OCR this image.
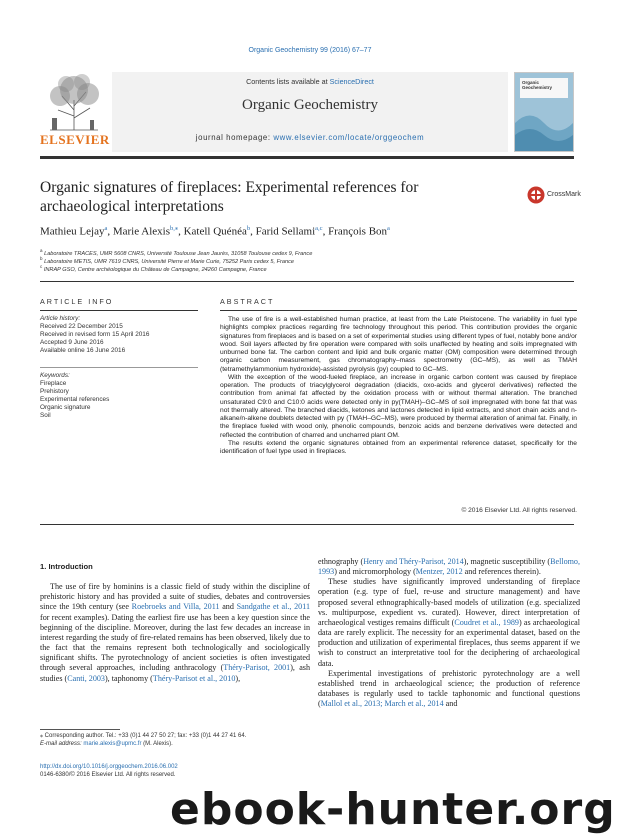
Organic Geochemistry 99 (2016) 67–77
ELSEVIER
Contents lists available at ScienceDirect
Organic Geochemistry
journal homepage: www.elsevier.com/locate/orggeochem
Organic Geochemistry
Organic signatures of fireplaces: Experimental references for archaeological interpretations
CrossMark
Mathieu Lejay$^a$, Marie Alexis$^{b,⁎}$, Katell Quénéa$^b$, Farid Sellami$^{a,c}$, François Bon$^a$
$^a$ Laboratoire TRACES, UMR 5608 CNRS, Université Toulouse Jean Jaurès, 31058 Toulouse cedex 9, France
$^b$ Laboratoire METIS, UMR 7619 CNRS, Université Pierre et Marie Curie, 75252 Paris cedex 5, France
$^c$ INRAP GSO, Centre archéologique du Château de Campagne, 24260 Campagne, France
ARTICLE INFO
Article history:
Received 22 December 2015
Received in revised form 15 April 2016
Accepted 9 June 2016
Available online 16 June 2016
Keywords:
Fireplace
Prehistory
Experimental references
Organic signature
Soil
ABSTRACT

The use of fire is a well-established human practice, at least from the Late Pleistocene. The variability in fuel type highlights complex practices regarding fire technology throughout this period. This contribution provides the organic signatures from fireplaces and is based on a set of experimental studies using different types of fuel, notably bone and/or wood. Soil layers affected by fire operation were compared with soils unaffected by heating and soils impregnated with unburned bone fat. The carbon content and lipid and bulk organic matter (OM) composition were determined through organic carbon measurement, gas chromatography–mass spectrometry (GC–MS), as well as TMAH (tetramethylammonium hydroxide)-assisted pyrolysis (py) coupled to GC–MS.

With the exception of the wood-fueled fireplace, an increase in organic carbon content was caused by fireplace operation. The products of triacylglycerol degradation (diacids, oxo-acids and glycerol derivatives) reflected the contribution from animal fat affected by the oxidation process with or without thermal alteration. The branched unsaturated C9:0 and C10:0 acids were detected only in py(TMAH)–GC–MS of soil impregnated with bone fat that was not thermally altered. The branched diacids, ketones and lactones detected in lipid extracts, and short chain acids and n-alkane/n-alkene doublets detected with py (TMAH–GC–MS), were produced by thermal alteration of animal fat. Finally, in the fireplace fueled with wood only, phenolic compounds, benzoic acids and benzene derivatives were detected and reflected the contribution of charred and uncharred plant OM.

The results extend the organic signatures obtained from an experimental reference dataset, specifically for the identification of fuel type used in fireplaces.

© 2016 Elsevier Ltd. All rights reserved.
1. Introduction

The use of fire by hominins is a classic field of study within the discipline of prehistoric history and has provided a suite of studies, debates and controversies since the 19th century (see Roebroeks and Villa, 2011 and Sandgathe et al., 2011 for recent examples). Dating the earliest fire use has been a key question since the beginning of the discipline. Moreover, during the last few decades an increase in interest regarding the study of fire-related remains has been observed, likely due to the fact that the remains represent both technologically and sociologically significant shifts. The pyrotechnology of ancient societies is often investigated through several approaches, including anthracology (Théry-Parisot, 2001), ash studies (Canti, 2003), taphonomy (Théry-Parisot et al., 2010),

ethnography (Henry and Théry-Parisot, 2014), magnetic susceptibility (Bellomo, 1993) and micromorphology (Mentzer, 2012 and references therein).

These studies have significantly improved understanding of fireplace operation (e.g. type of fuel, re-use and structure management) and have proposed several ethnographically-based models of utilization (e.g. specialized vs. multipurpose, expedient vs. curated). However, direct interpretation of archaeological vestiges remains difficult (Coudret et al., 1989) as archaeological data are rarely explicit. The necessity for an experimental dataset, based on the production and utilization of experimental fireplaces, thus seems apparent if we wish to construct an interpretative tool for the deciphering of archaeological data.

Experimental investigations of prehistoric pyrotechnology are a well established trend in archaeological science; the production of reference databases is regularly used to tackle taphonomic and functional questions (Mallol et al., 2013; March et al., 2014 and

⁎ Corresponding author. Tel.: +33 (0)1 44 27 50 27; fax: +33 (0)1 44 27 41 64.
E-mail address: marie.alexis@upmc.fr (M. Alexis).
http://dx.doi.org/10.1016/j.orggeochem.2016.06.002
0146-6380/© 2016 Elsevier Ltd. All rights reserved.
ebook-hunter.org
